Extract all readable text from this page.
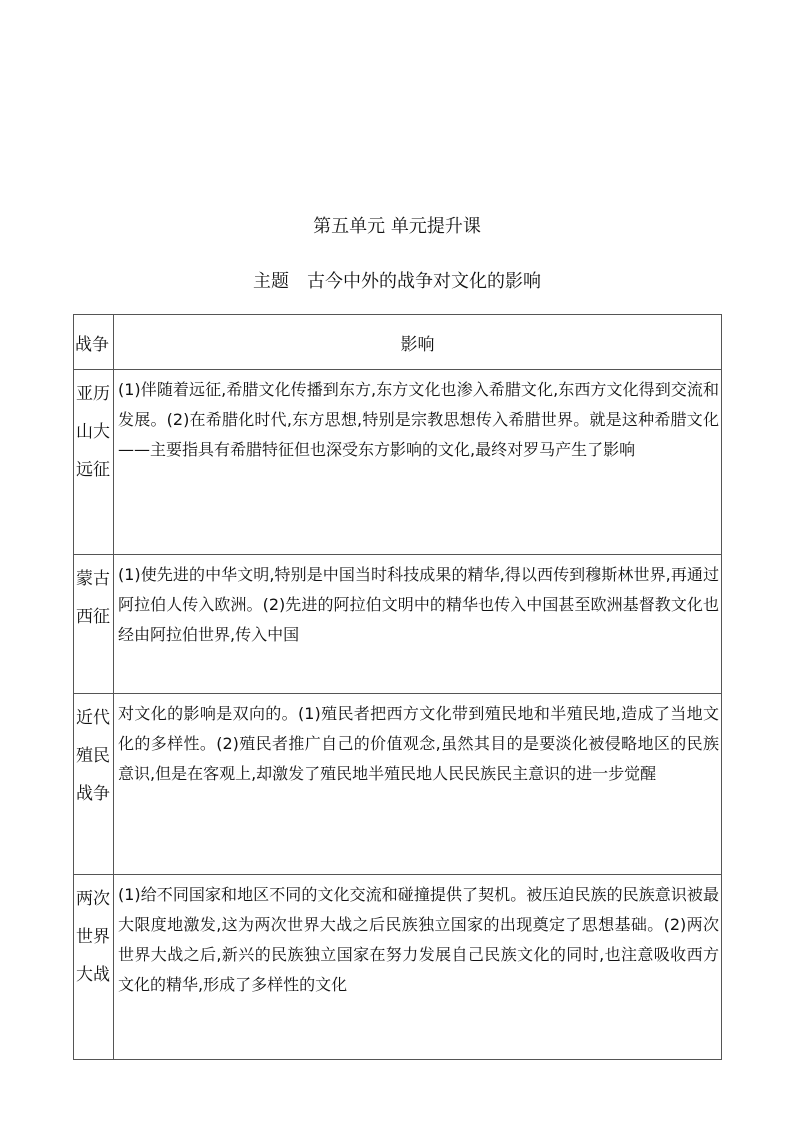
第五单元 单元提升课
主题 古今中外的战争对文化的影响
战争	影响

亚历
山大
远征	(1)伴随着远征,希腊文化传播到东方,东方文化也渗入希腊文化,东西方文化得到交流和发展。(2)在希腊化时代,东方思想,特别是宗教思想传入希腊世界。就是这种希腊文化——主要指具有希腊特征但也深受东方影响的文化,最终对罗马产生了影响

蒙古
西征	(1)使先进的中华文明,特别是中国当时科技成果的精华,得以西传到穆斯林世界,再通过阿拉伯人传入欧洲。(2)先进的阿拉伯文明中的精华也传入中国甚至欧洲基督教文化也经由阿拉伯世界,传入中国

近代
殖民
战争	对文化的影响是双向的。(1)殖民者把西方文化带到殖民地和半殖民地,造成了当地文化的多样性。(2)殖民者推广自己的价值观念,虽然其目的是要淡化被侵略地区的民族意识,但是在客观上,却激发了殖民地半殖民地人民民族民主意识的进一步觉醒

两次
世界
大战	(1)给不同国家和地区不同的文化交流和碰撞提供了契机。被压迫民族的民族意识被最大限度地激发,这为两次世界大战之后民族独立国家的出现奠定了思想基础。(2)两次世界大战之后,新兴的民族独立国家在努力发展自己民族文化的同时,也注意吸收西方文化的精华,形成了多样性的文化
